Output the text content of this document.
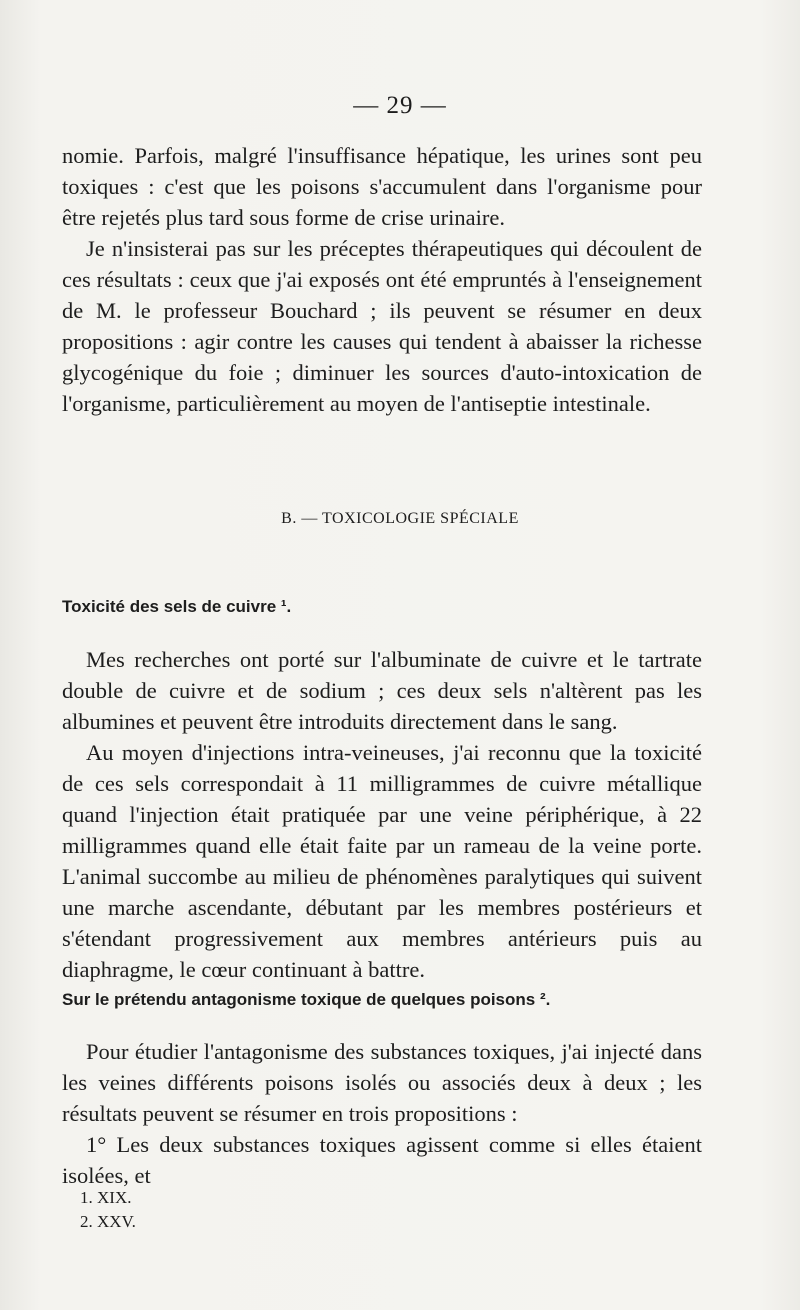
— 29 —

nomie. Parfois, malgré l'insuffisance hépatique, les urines sont peu toxiques : c'est que les poisons s'accumulent dans l'organisme pour être rejetés plus tard sous forme de crise urinaire.

Je n'insisterai pas sur les préceptes thérapeutiques qui découlent de ces résultats : ceux que j'ai exposés ont été empruntés à l'enseignement de M. le professeur Bouchard ; ils peuvent se résumer en deux propositions : agir contre les causes qui tendent à abaisser la richesse glycogénique du foie ; diminuer les sources d'auto-intoxication de l'organisme, particulièrement au moyen de l'antiseptie intestinale.

B. — TOXICOLOGIE SPÉCIALE
Toxicité des sels de cuivre ¹.

Mes recherches ont porté sur l'albuminate de cuivre et le tartrate double de cuivre et de sodium ; ces deux sels n'altèrent pas les albumines et peuvent être introduits directement dans le sang.

Au moyen d'injections intra-veineuses, j'ai reconnu que la toxicité de ces sels correspondait à 11 milligrammes de cuivre métallique quand l'injection était pratiquée par une veine périphérique, à 22 milligrammes quand elle était faite par un rameau de la veine porte. L'animal succombe au milieu de phénomènes paralytiques qui suivent une marche ascendante, débutant par les membres postérieurs et s'étendant progressivement aux membres antérieurs puis au diaphragme, le cœur continuant à battre.

Sur le prétendu antagonisme toxique de quelques poisons ².

Pour étudier l'antagonisme des substances toxiques, j'ai injecté dans les veines différents poisons isolés ou associés deux à deux ; les résultats peuvent se résumer en trois propositions :

1° Les deux substances toxiques agissent comme si elles étaient isolées, et

1. XIX.
2. XXV.
